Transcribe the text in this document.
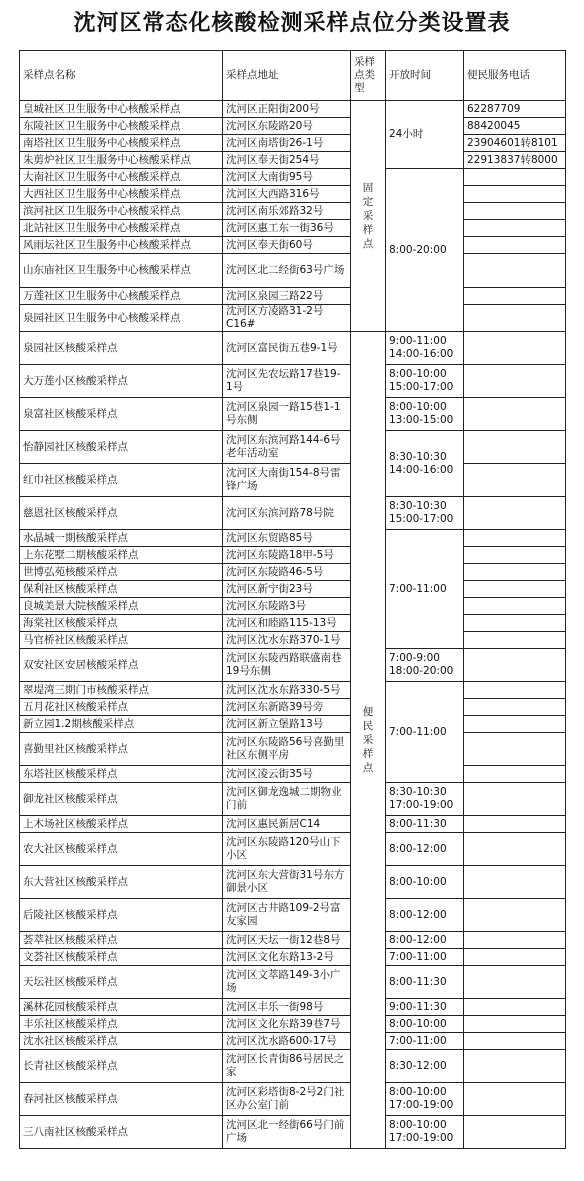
沈河区常态化核酸检测采样点位分类设置表
采样点名称	采样点地址	采样点类型	开放时间	便民服务电话
皇城社区卫生服务中心核酸采样点	沈河区正阳街200号	固定采样点	24小时	62287709
东陵社区卫生服务中心核酸采样点	沈河区东陵路20号			88420045
南塔社区卫生服务中心核酸采样点	沈河区南塔街26-1号			23904601转8101
朱剪炉社区卫生服务中心核酸采样点	沈河区奉天街254号			22913837转8000
大南社区卫生服务中心核酸采样点	沈河区大南街95号		8:00-20:00	
大西社区卫生服务中心核酸采样点	沈河区大西路316号			
滨河社区卫生服务中心核酸采样点	沈河区南乐郊路32号			
北站社区卫生服务中心核酸采样点	沈河区惠工东一街36号			
风雨坛社区卫生服务中心核酸采样点	沈河区奉天街60号			
山东庙社区卫生服务中心核酸采样点	沈河区北二经街63号广场			
万莲社区卫生服务中心核酸采样点	沈河区泉园三路22号			
泉园社区卫生服务中心核酸采样点	沈河区方凌路31-2号C16#			
泉园社区核酸采样点	沈河区富民街五巷9-1号	便民采样点	9:00-11:00 14:00-16:00	
大万莲小区核酸采样点	沈河区先农坛路17巷19-1号		8:00-10:00 15:00-17:00	
泉富社区核酸采样点	沈河区泉园一路15巷1-1号东侧		8:00-10:00 13:00-15:00	
怡静园社区核酸采样点	沈河区东滨河路144-6号老年活动室		8:30-10:30 14:00-16:00	
红巾社区核酸采样点	沈河区大南街154-8号雷锋广场			
慈恩社区核酸采样点	沈河区东滨河路78号院		8:30-10:30 15:00-17:00	
水晶城一期核酸采样点	沈河区东贸路85号		7:00-11:00	
上东花墅二期核酸采样点	沈河区东陵路18甲-5号			
世博弘苑核酸采样点	沈河区东陵路46-5号			
保利社区核酸采样点	沈河区新宁街23号			
良城美景大院核酸采样点	沈河区东陵路3号			
海棠社区核酸采样点	沈河区和睦路115-13号			
马官桥社区核酸采样点	沈河区沈水东路370-1号			
双安社区安居核酸采样点	沈河区东陵西路联盛南巷19号东侧		7:00-9:00 18:00-20:00	
翠堤湾三期门市核酸采样点	沈河区沈水东路330-5号		7:00-11:00	
五月花社区核酸采样点	沈河区东新路39号旁			
新立园1.2期核酸采样点	沈河区新立堡路13号			
喜勤里社区核酸采样点	沈河区东陵路56号喜勤里社区东侧平房			
东塔社区核酸采样点	沈河区凌云街35号			
御龙社区核酸采样点	沈河区御龙逸城二期物业门前		8:30-10:30 17:00-19:00	
上木场社区核酸采样点	沈河区惠民新居C14		8:00-11:30	
农大社区核酸采样点	沈河区东陵路120号山下小区		8:00-12:00	
东大营社区核酸采样点	沈河区东大营街31号东方御景小区		8:00-10:00	
后陵社区核酸采样点	沈河区古井路109-2号富友家园		8:00-12:00	
荟萃社区核酸采样点	沈河区天坛一街12巷8号		8:00-12:00	
文荟社区核酸采样点	沈河区文化东路13-2号		7:00-11:00	
天坛社区核酸采样点	沈河区文萃路149-3小广场		8:00-11:30	
溪林花园核酸采样点	沈河区丰乐一街98号		9:00-11:30	
丰乐社区核酸采样点	沈河区文化东路39巷7号		8:00-10:00	
沈水社区核酸采样点	沈河区沈水路600-17号		7:00-11:00	
长青社区核酸采样点	沈河区长青街86号居民之家		8:30-12:00	
春河社区核酸采样点	沈河区彩塔街8-2号2门社区办公室门前		8:00-10:00 17:00-19:00	
三八南社区核酸采样点	沈河区北一经街66号门前广场		8:00-10:00 17:00-19:00	
